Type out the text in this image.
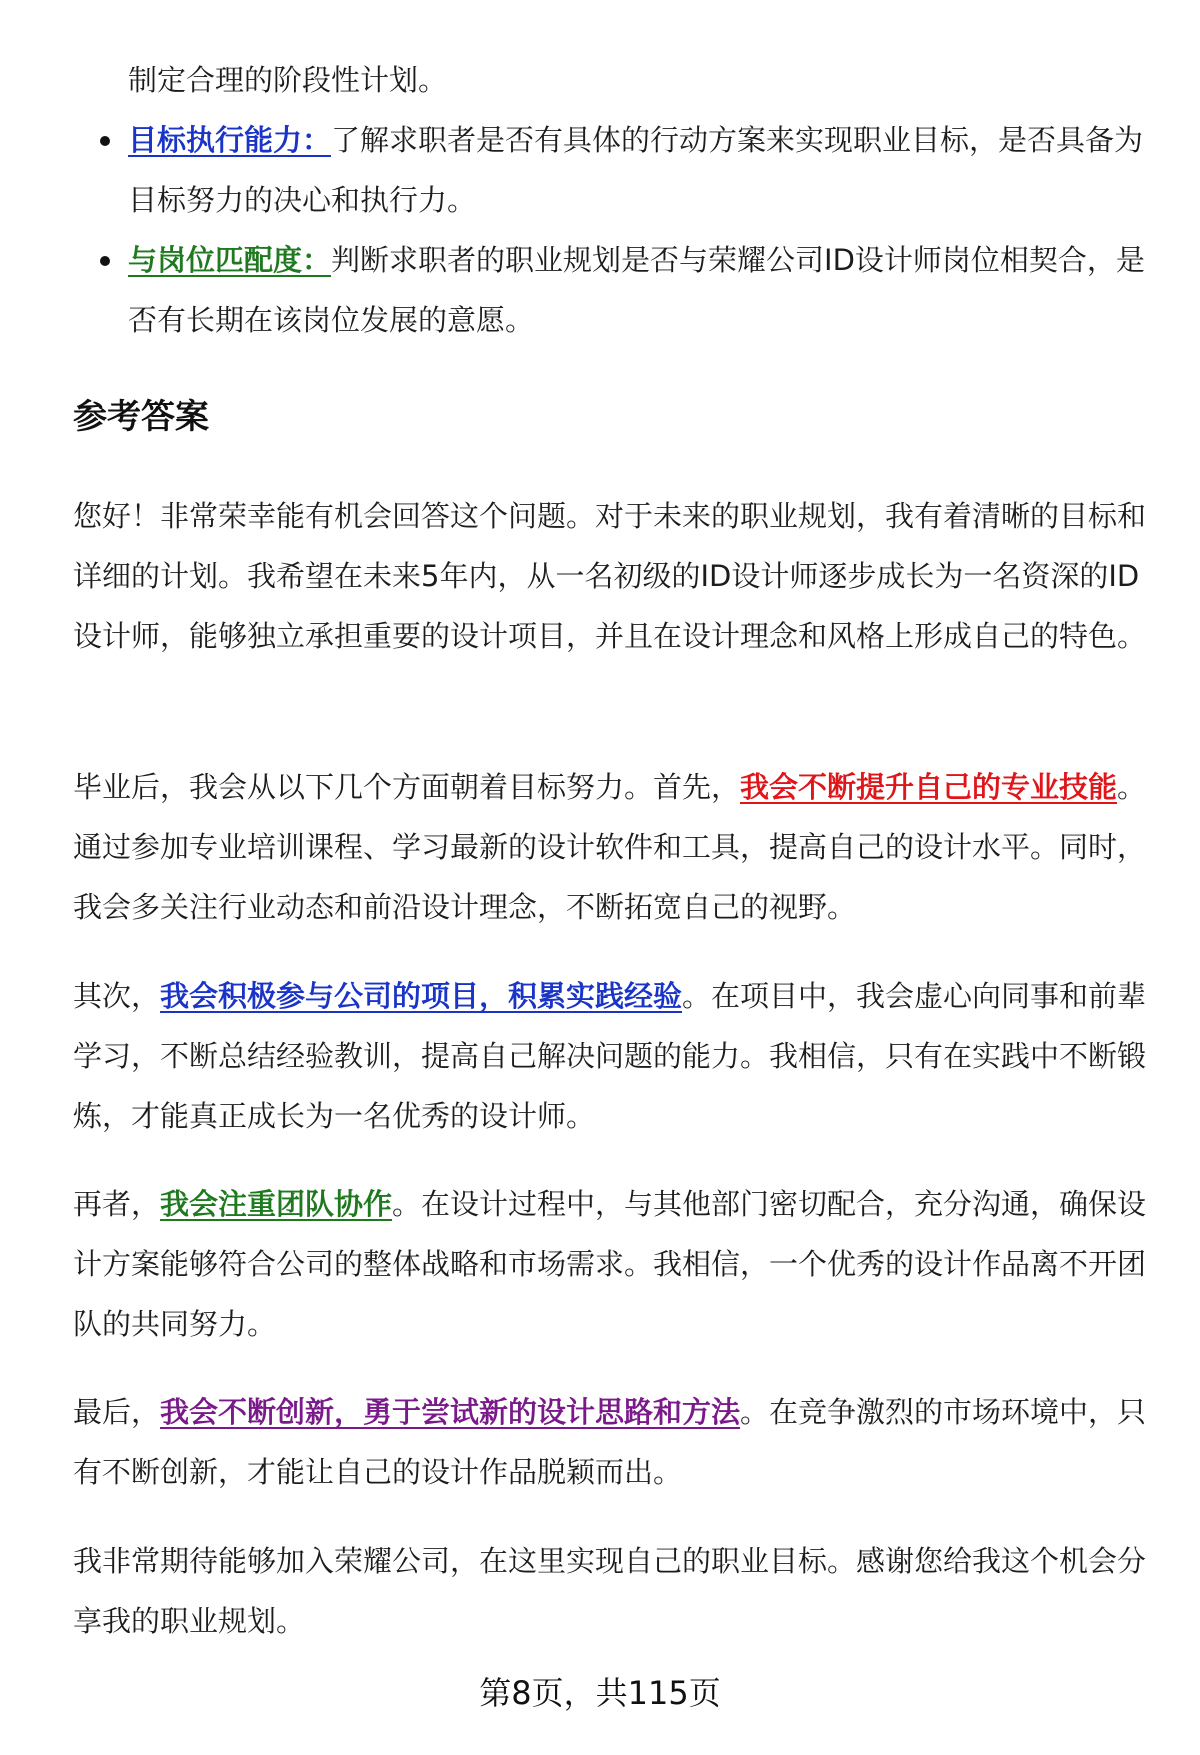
制定合理的阶段性计划。

目标执行能力：了解求职者是否有具体的行动方案来实现职业目标，是否具备为目标努力的决心和执行力。
与岗位匹配度：判断求职者的职业规划是否与荣耀公司ID设计师岗位相契合，是否有长期在该岗位发展的意愿。
参考答案

您好！非常荣幸能有机会回答这个问题。对于未来的职业规划，我有着清晰的目标和详细的计划。我希望在未来5年内，从一名初级的ID设计师逐步成长为一名资深的ID设计师，能够独立承担重要的设计项目，并且在设计理念和风格上形成自己的特色。

毕业后，我会从以下几个方面朝着目标努力。首先，我会不断提升自己的专业技能。通过参加专业培训课程、学习最新的设计软件和工具，提高自己的设计水平。同时，我会多关注行业动态和前沿设计理念，不断拓宽自己的视野。

其次，我会积极参与公司的项目，积累实践经验。在项目中，我会虚心向同事和前辈学习，不断总结经验教训，提高自己解决问题的能力。我相信，只有在实践中不断锻炼，才能真正成长为一名优秀的设计师。

再者，我会注重团队协作。在设计过程中，与其他部门密切配合，充分沟通，确保设计方案能够符合公司的整体战略和市场需求。我相信，一个优秀的设计作品离不开团队的共同努力。

最后，我会不断创新，勇于尝试新的设计思路和方法。在竞争激烈的市场环境中，只有不断创新，才能让自己的设计作品脱颖而出。

我非常期待能够加入荣耀公司，在这里实现自己的职业目标。感谢您给我这个机会分享我的职业规划。

第8页，共115页
